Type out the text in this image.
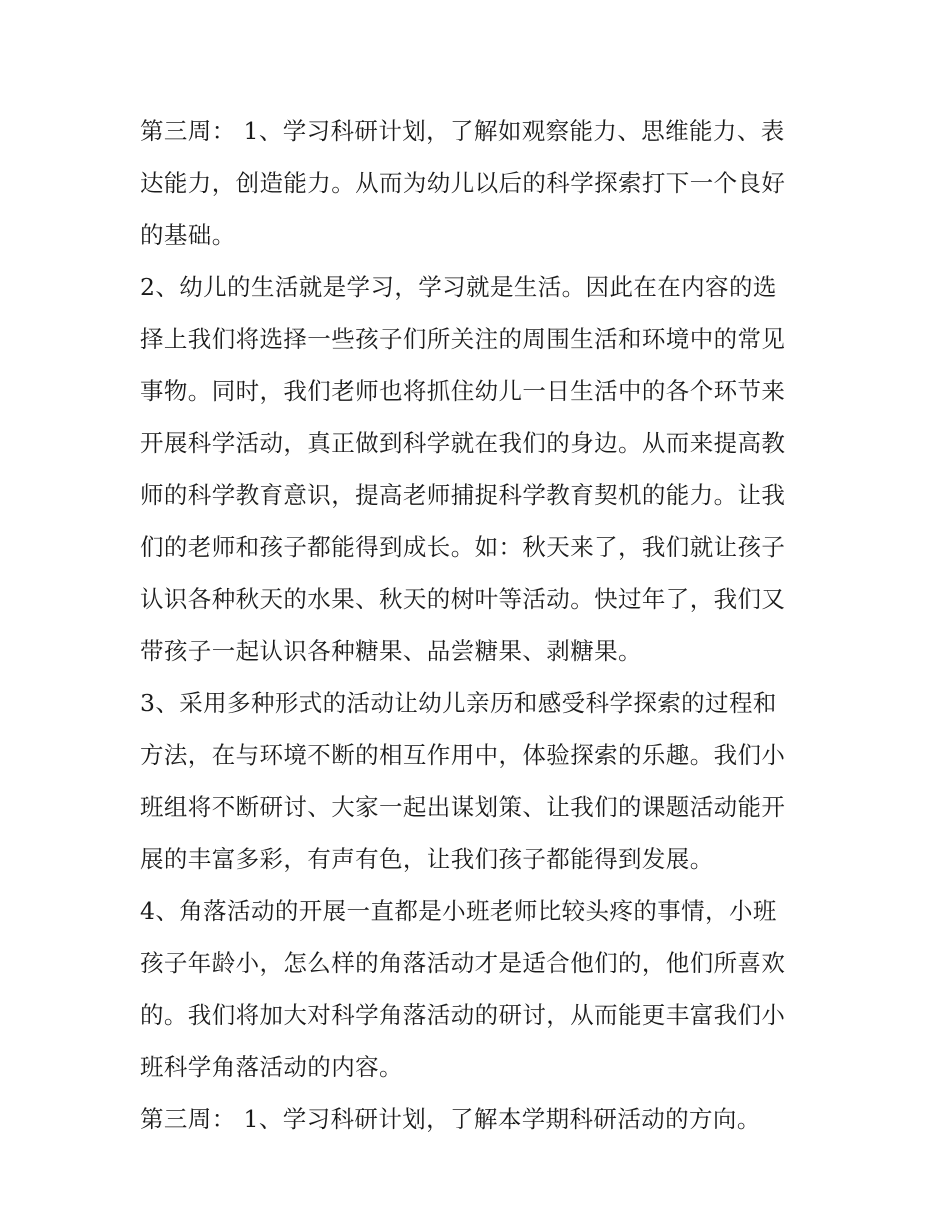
第三周： 1、学习科研计划，了解如观察能力、思维能力、表
达能力，创造能力。从而为幼儿以后的科学探索打下一个良好
的基础。
2、幼儿的生活就是学习，学习就是生活。因此在在内容的选
择上我们将选择一些孩子们所关注的周围生活和环境中的常见
事物。同时，我们老师也将抓住幼儿一日生活中的各个环节来
开展科学活动，真正做到科学就在我们的身边。从而来提高教
师的科学教育意识，提高老师捕捉科学教育契机的能力。让我
们的老师和孩子都能得到成长。如：秋天来了，我们就让孩子
认识各种秋天的水果、秋天的树叶等活动。快过年了，我们又
带孩子一起认识各种糖果、品尝糖果、剥糖果。
3、采用多种形式的活动让幼儿亲历和感受科学探索的过程和
方法，在与环境不断的相互作用中，体验探索的乐趣。我们小
班组将不断研讨、大家一起出谋划策、让我们的课题活动能开
展的丰富多彩，有声有色，让我们孩子都能得到发展。
4、角落活动的开展一直都是小班老师比较头疼的事情，小班
孩子年龄小，怎么样的角落活动才是适合他们的，他们所喜欢
的。我们将加大对科学角落活动的研讨，从而能更丰富我们小
班科学角落活动的内容。
第三周： 1、学习科研计划，了解本学期科研活动的方向。
